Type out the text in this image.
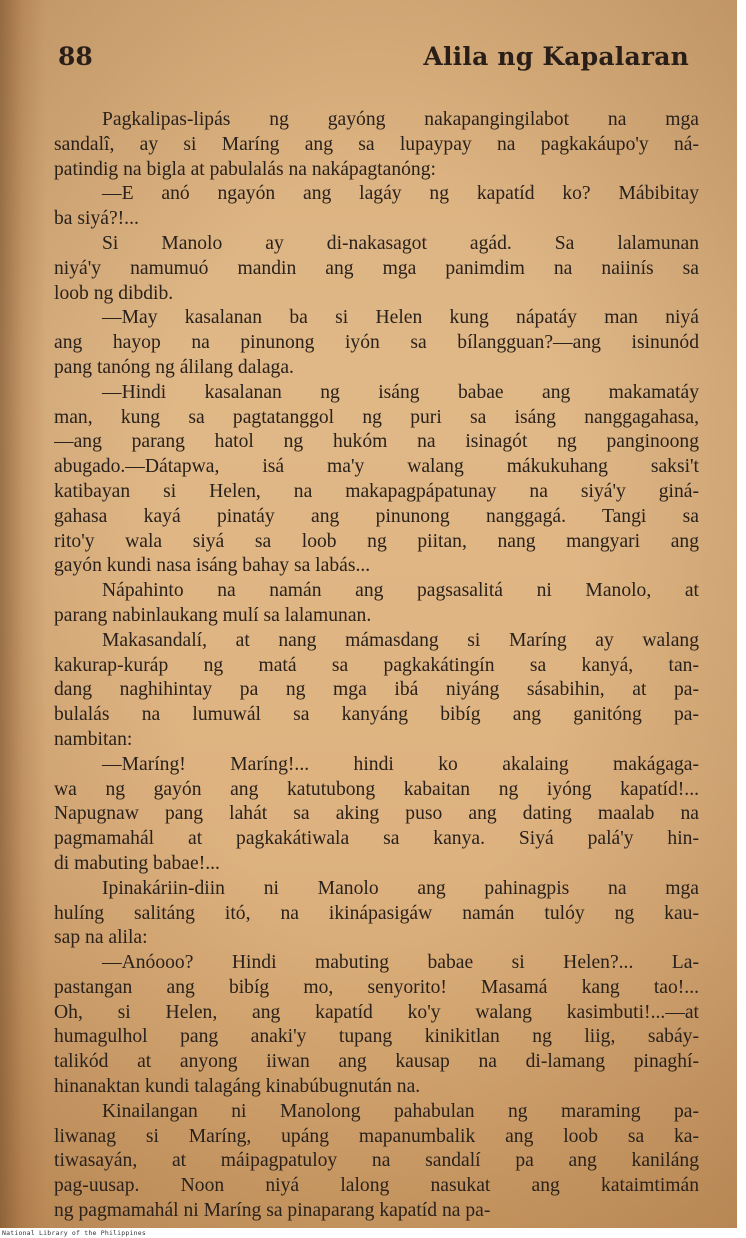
88	Alila ng Kapalaran
Pagkalipas-lipás ng gayóng nakapangingilabot na mga
sandalî, ay si Maríng ang sa lupaypay na pagkakáupo'y ná-
patindig na bigla at pabulalás na nakápagtanóng:
—E anó ngayón ang lagáy ng kapatíd ko? Mábibitay
ba siyá?!...
Si Manolo ay di-nakasagot agád. Sa lalamunan
niyá'y namumuó mandin ang mga panimdim na naiinís sa
loob ng dibdib.
—May kasalanan ba si Helen kung nápatáy man niyá
ang hayop na pinunong iyón sa bílangguan?—ang isinunód
pang tanóng ng álilang dalaga.
—Hindi kasalanan ng isáng babae ang makamatáy
man, kung sa pagtatanggol ng puri sa isáng nanggagahasa,
—ang parang hatol ng hukóm na isinagót ng panginoong
abugado.—Dátapwa, isá ma'y walang mákukuhang saksi't
katibayan si Helen, na makapagpápatunay na siyá'y giná-
gahasa kayá pinatáy ang pinunong nanggagá. Tangi sa
rito'y wala siyá sa loob ng piitan, nang mangyari ang
gayón kundi nasa isáng bahay sa labás...
Nápahinto na namán ang pagsasalitá ni Manolo, at
parang nabinlaukang mulí sa lalamunan.
Makasandalí, at nang mámasdang si Maríng ay walang
kakurap-kuráp ng matá sa pagkakátingín sa kanyá, tan-
dang naghihintay pa ng mga ibá niyáng sásabihin, at pa-
bulalás na lumuwál sa kanyáng bibíg ang ganitóng pa-
nambitan:
—Maríng! Maríng!... hindi ko akalaing makágaga-
wa ng gayón ang katutubong kabaitan ng iyóng kapatíd!...
Napugnaw pang lahát sa aking puso ang dating maalab na
pagmamahál at pagkakátiwala sa kanya. Siyá palá'y hin-
di mabuting babae!...
Ipinakáriin-diin ni Manolo ang pahinagpis na mga
hulíng salitáng itó, na ikinápasigáw namán tulóy ng kau-
sap na alila:
—Anóooo? Hindi mabuting babae si Helen?... La-
pastangan ang bibíg mo, senyorito! Masamá kang tao!...
Oh, si Helen, ang kapatíd ko'y walang kasimbuti!...—at
humagulhol pang anaki'y tupang kinikitlan ng liig, sabáy-
talikód at anyong iiwan ang kausap na di-lamang pinaghí-
hinanaktan kundi talagáng kinabúbugnután na.
Kinailangan ni Manolong pahabulan ng maraming pa-
liwanag si Maríng, upáng mapanumbalik ang loob sa ka-
tiwasayán, at máipagpatuloy na sandalí pa ang kaniláng
pag-uusap. Noon niyá lalong nasukat ang kataimtimán
ng pagmamahál ni Maríng sa pinaparang kapatíd na pa-
National Library of the Philippines
